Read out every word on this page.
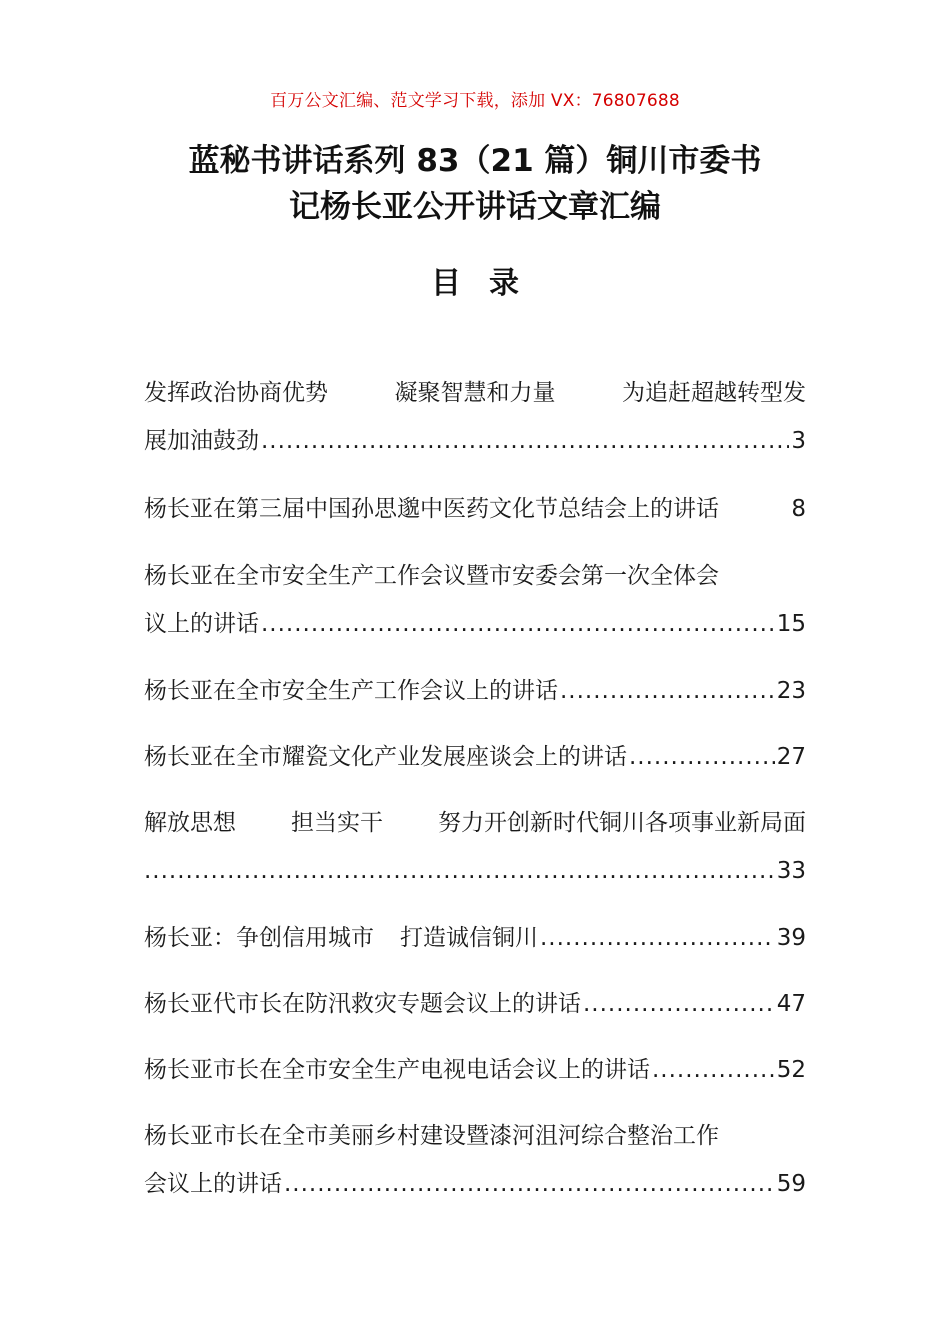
百万公文汇编、范文学习下载，添加 VX：76807688
蓝秘书讲话系列 83（21 篇）铜川市委书
记杨长亚公开讲话文章汇编
目录
发挥政治协商优势	凝聚智慧和力量	为追赶超越转型发
展加油鼓劲 .....	3
杨长亚在第三届中国孙思邈中医药文化节总结会上的讲话	8
杨长亚在全市安全生产工作会议暨市安委会第一次全体会
议上的讲话 .....	15
杨长亚在全市安全生产工作会议上的讲话 .....	23
杨长亚在全市耀瓷文化产业发展座谈会上的讲话 .....	27
解放思想 担当实干 努力开创新时代铜川各项事业新局面
.....
33
杨长亚：争创信用城市 打造诚信铜川 .....	39
杨长亚代市长在防汛救灾专题会议上的讲话 .....	47
杨长亚市长在全市安全生产电视电话会议上的讲话 .....	52
杨长亚市长在全市美丽乡村建设暨漆河沮河综合整治工作
会议上的讲话 .....	59
